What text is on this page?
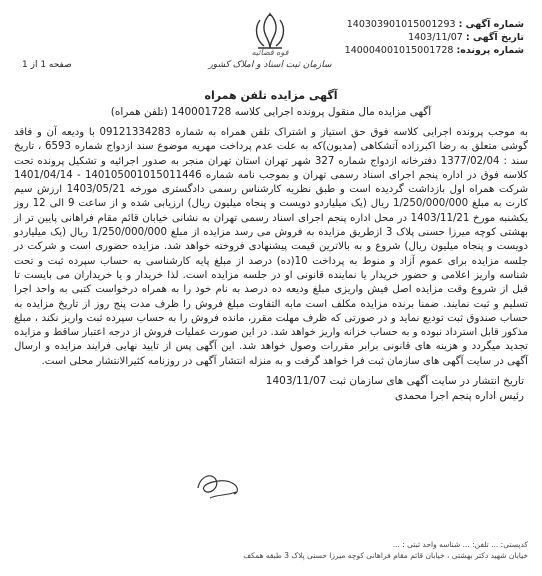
شماره آگهی : 140303901015001293
تاریخ آگهی : 1403/11/07
شماره پرونده: 140004001015001728
قوه قضائیه
سازمان ثبت اسناد و املاک کشور
صفحه 1 از 1
آگهی مزایده تلفن همراه
آگهی مزایده مال منقول پرونده اجرایی کلاسه 140001728 (تلفن همراه)

به موجب پرونده اجرایی کلاسه فوق حق استیاز و اشتراک تلفن همراه به شماره 09121334283 با ودیعه آن و فاقد گوشی متعلق به رضا اکبرزاده آتشکاهی (مدیون)که به علت عدم پرداخت مهریه موضوع سند ازدواج شماره 6593 ، تاریخ سند : 1377/02/04 دفترخانه ازدواج شماره 327 شهر تهران استان تهران منجر به صدور اجرائیه و تشکیل پرونده تحت کلاسه فوق در اداره پنجم اجرای اسناد رسمی تهران و بموجب نامه شماره 140105001015011446 - 1401/04/14 شرکت همراه اول بازداشت گردیده است و طبق نظریه کارشناس رسمی دادگستری مورخه 1403/05/21 ارزش سیم کارت به مبلغ 1/250/000/000 ریال (یک میلیاردو دویست و پنجاه میلیون ریال) ارزیابی شده و از ساعت 9 الی 12 روز یکشنبه مورخ 1403/11/21 در محل اداره پنجم اجرای اسناد رسمی تهران به نشانی خیابان قائم مقام فراهانی پایین تر از بهشتی کوچه میرزا حسنی پلاک 3 ازطریق مزایده به فروش می رسد مزایده از مبلغ 1/250/000/000 ریال (یک میلیاردو دویست و پنجاه میلیون ریال) شروع و به بالاترین قیمت پیشنهادی فروخته خواهد شد. مزایده حضوری است و شرکت در جلسه مزایده برای عموم آزاد و منوط به پرداخت 10(ده) درصد از مبلغ پایه کارشناسی به حساب سپرده ثبت و تحت شناسه واریز اعلامی و حضور خریدار یا نماینده قانونی او در جلسه مزایده است. لذا خریدار و یا خریداران می بایست تا قبل از شروع وقت مزایده اصل فیش واریزی مبلغ ودیعه ده درصد به نام خود را به همراه درخواست کتبی به واحد اجرا تسلیم و ثبت نمایند. ضمنا برنده مزایده مکلف است مابه التفاوت مبلغ فروش را ظرف مدت پنج روز از تاریخ مزایده به حساب صندوق ثبت تودیع نماید و در صورتی که ظرف مهلت مقرر، مانده فروش را به حساب سپرده ثبت واریز نکند ، مبلغ مذکور قابل استرداد نبوده و به حساب خزانه واریز خواهد شد. در این صورت عملیات فروش از درجه اعتبار ساقط و مزایده تجدید میگردد و هزینه های قانونی برابر مقررات وصول خواهد شد. این آگهی پس از تایید نهایی فرایند مزایده و ارسال آگهی در سایت آگهی های سازمان ثبت فرا خواهد گرفت و به منزله انتشار آگهی در روزنامه کثیرالانتشار محلی است.

تاریخ انتشار در سایت آگهی های سازمان ثبت 1403/11/07
رئیس اداره پنجم اجرا محمدی
کدپستی: ... تلفن: ... شناسه واحد ثبتی : ...
خیابان شهید دکتر بهشتی ، خیابان قائم مقام فراهانی کوچه میرزا حسنی پلاک 3 طبقه همکف
